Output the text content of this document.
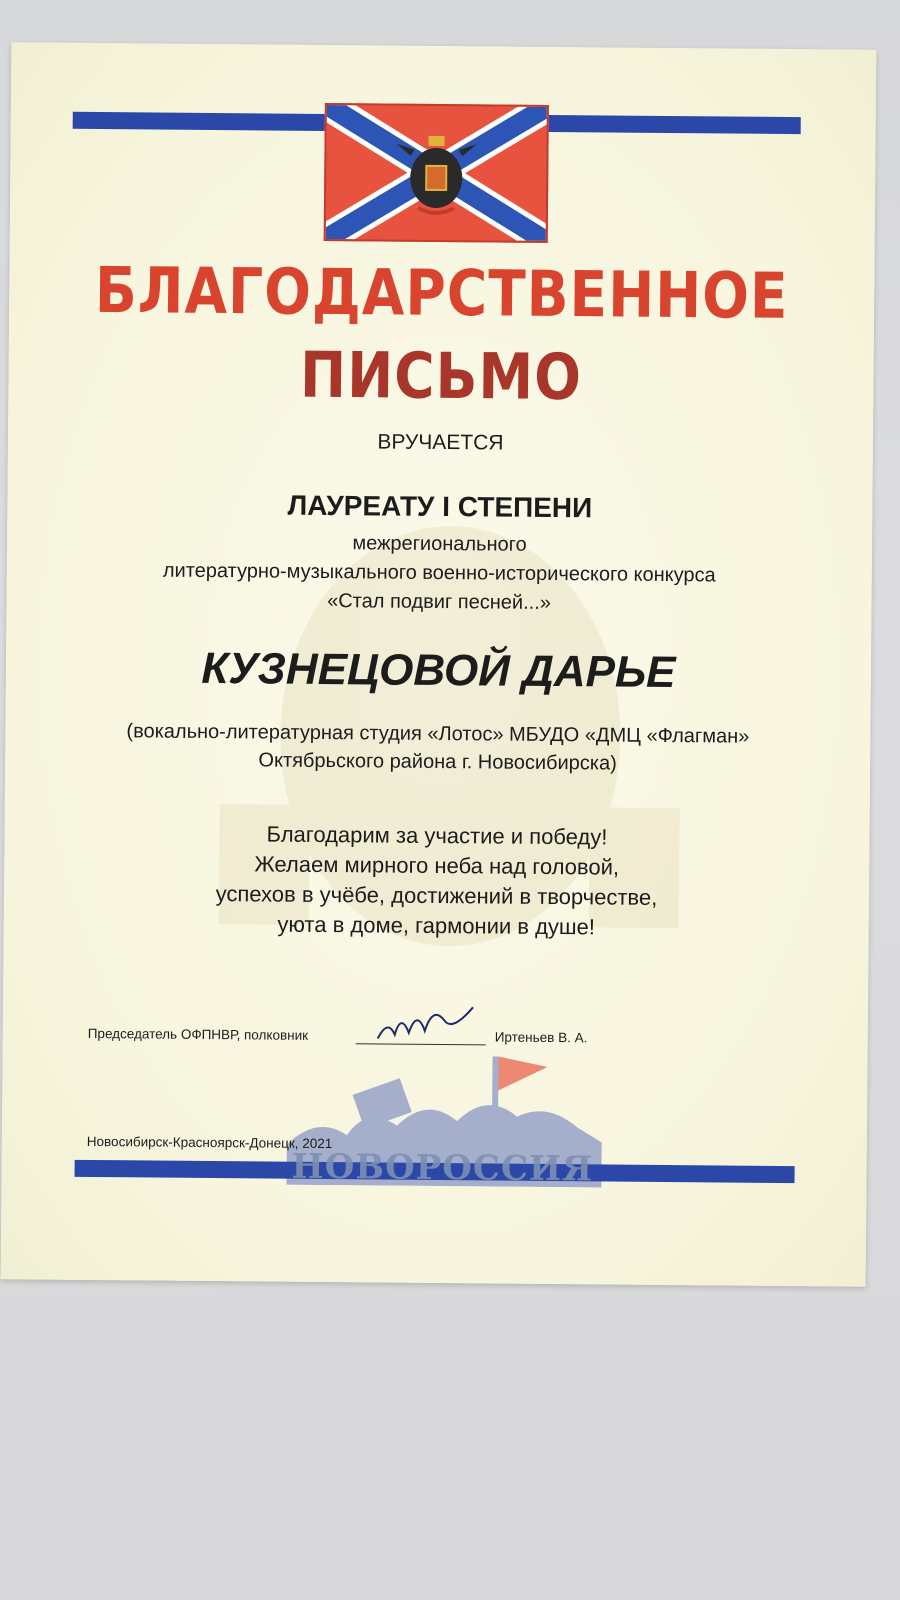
БЛАГОДАРСТВЕННОЕ
ПИСЬМО
ВРУЧАЕТСЯ
ЛАУРЕАТУ I СТЕПЕНИ
межрегионального
литературно-музыкального военно-исторического конкурса
«Стал подвиг песней...»
КУЗНЕЦОВОЙ ДАРЬЕ
(вокально-литературная студия «Лотос» МБУДО «ДМЦ «Флагман»
Октябрьского района г. Новосибирска)
Благодарим за участие и победу!
Желаем мирного неба над головой,
успехов в учёбе, достижений в творчестве,
уюта в доме, гармонии в душе!
Председатель ОФПНВР, полковник	Иртеньев В. А.
Новосибирск-Красноярск-Донецк, 2021
НОВОРОССИЯ
